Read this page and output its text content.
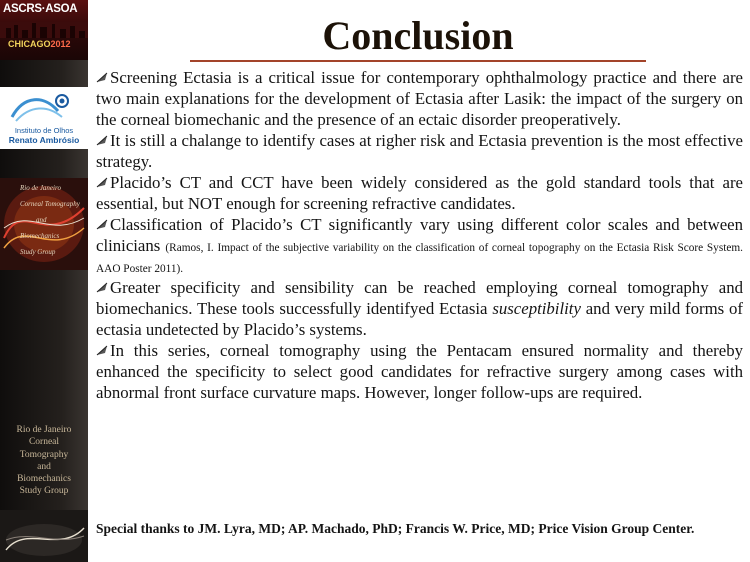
ASCRS·ASOA
CHICAGO2012
Instituto de Olhos
Renato Ambrósio
Rio de Janeiro
Corneal Tomography
and
Biomechanics
Study Group
Rio de Janeiro
Corneal
Tomography
and
Biomechanics
Study Group
Conclusion

Screening Ectasia is a critical issue for contemporary ophthalmology practice and there are two main explanations for the development of Ectasia after Lasik: the impact of the surgery on the corneal biomechanic and the presence of an ectaic disorder preoperatively.

It is still a chalange to identify cases at righer risk and Ectasia prevention is the most effective strategy.

Placido’s CT and CCT have been widely considered as the gold standard tools that are essential, but NOT enough for screening refractive candidates.

Classification of Placido’s CT significantly vary using different color scales and between clinicians (Ramos, I. Impact of the subjective variability on the classification of corneal topography on the Ectasia Risk Score System. AAO Poster 2011).

Greater specificity and sensibility can be reached employing corneal tomography and biomechanics. These tools successfully identifyed Ectasia susceptibility and very mild forms of ectasia undetected by Placido’s systems.

In this series, corneal tomography using the Pentacam ensured normality and thereby enhanced the specificity to select good candidates for refractive surgery among cases with abnormal front surface curvature maps. However, longer follow-ups are required.

Special thanks to JM. Lyra, MD; AP. Machado, PhD; Francis W. Price, MD; Price Vision Group Center.
